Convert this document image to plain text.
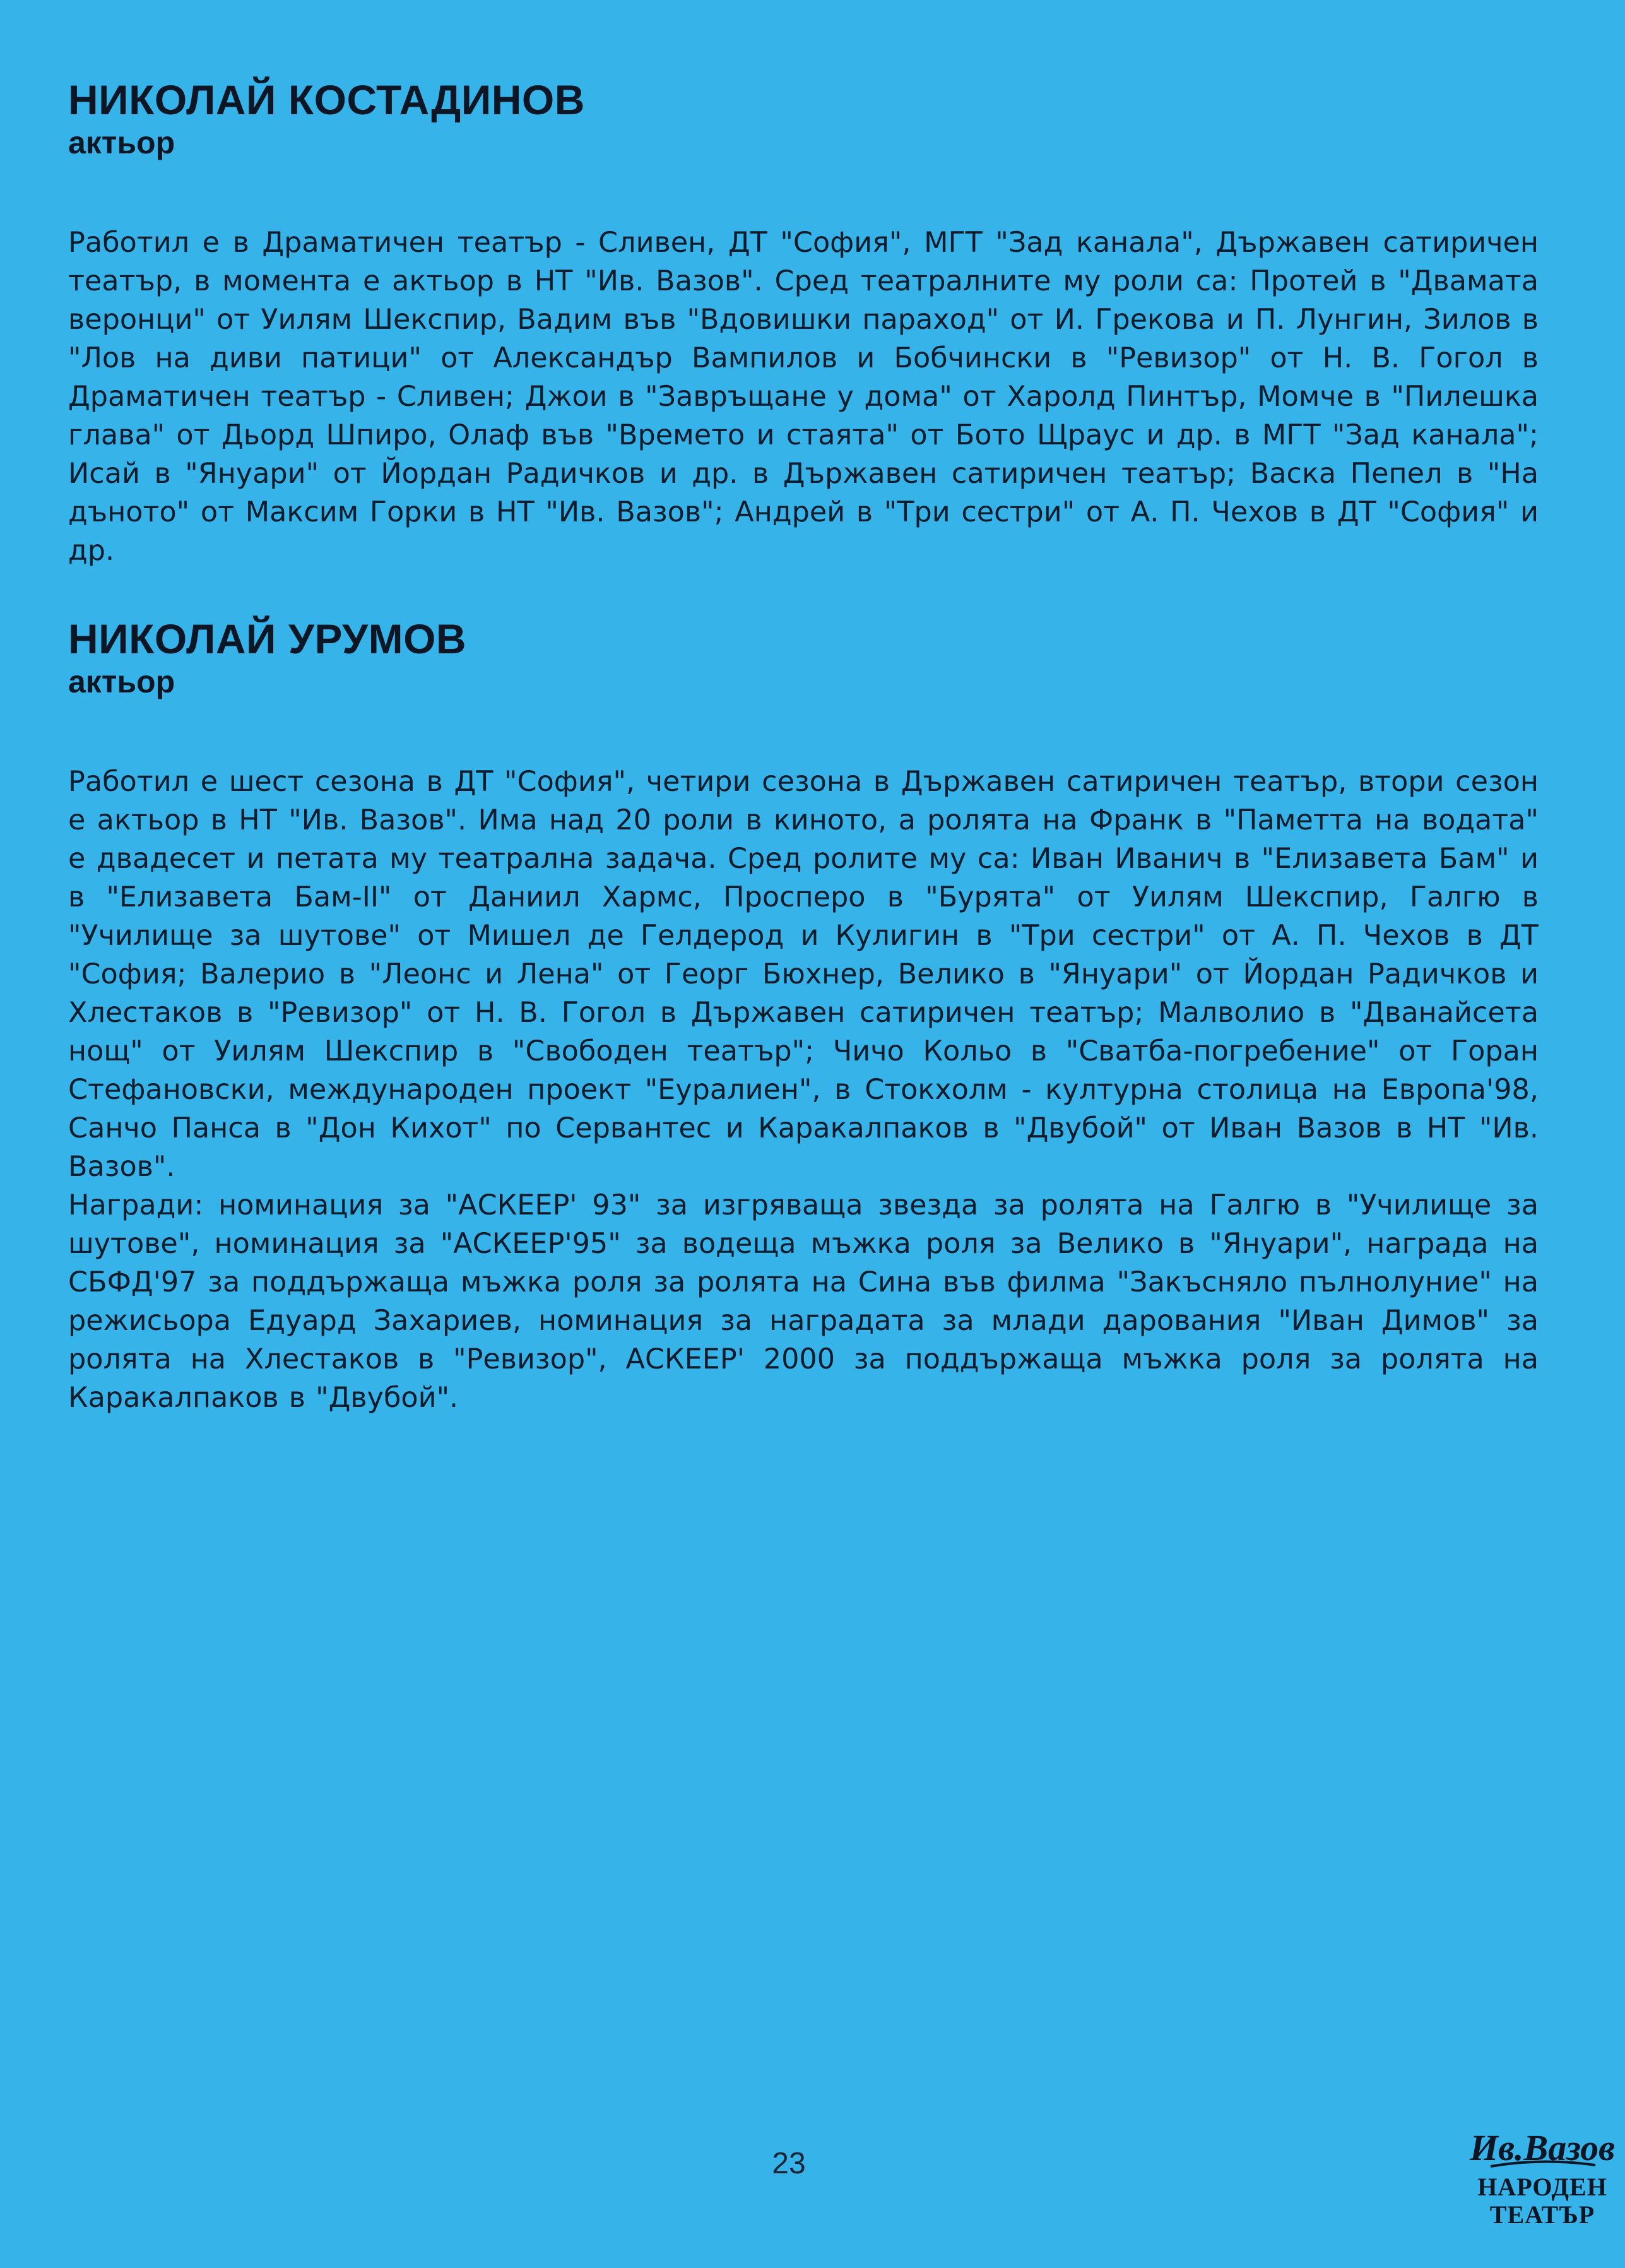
НИКОЛАЙ КОСТАДИНОВ
актьор

Работил е в Драматичен театър - Сливен, ДТ "София", МГТ "Зад канала", Държавен сатиричен театър, в момента е актьор в НТ "Ив. Вазов". Сред театралните му роли са: Протей в "Двамата веронци" от Уилям Шекспир, Вадим във "Вдовишки параход" от И. Грекова и П. Лунгин, Зилов в "Лов на диви патици" от Александър Вампилов и Бобчински в "Ревизор" от Н. В. Гогол в Драматичен театър - Сливен; Джои в "Завръщане у дома" от Харолд Пинтър, Момче в "Пилешка глава" от Дьорд Шпиро, Олаф във "Времето и стаята" от Бото Щраус и др. в МГТ "Зад канала"; Исай в "Януари" от Йордан Радичков и др. в Държавен сатиричен театър; Васка Пепел в "На дъното" от Максим Горки в НТ "Ив. Вазов"; Андрей в "Три сестри" от А. П. Чехов в ДТ "София" и др.

НИКОЛАЙ УРУМОВ
актьор

Работил е шест сезона в ДТ "София", четири сезона в Държавен сатиричен театър, втори сезон е актьор в НТ "Ив. Вазов". Има над 20 роли в киното, а ролята на Франк в "Паметта на водата" е двадесет и петата му театрална задача. Сред ролите му са: Иван Иванич в "Елизавета Бам" и в "Елизавета Бам-II" от Даниил Хармс, Просперо в "Бурята" от Уилям Шекспир, Галгю в "Училище за шутове" от Мишел де Гелдерод и Кулигин в "Три сестри" от А. П. Чехов в ДТ "София; Валерио в "Леонс и Лена" от Георг Бюхнер, Велико в "Януари" от Йордан Радичков и Хлестаков в "Ревизор" от Н. В. Гогол в Държавен сатиричен театър; Малволио в "Дванайсета нощ" от Уилям Шекспир в "Свободен театър"; Чичо Кольо в "Сватба-погребение" от Горан Стефановски, международен проект "Еуралиен", в Стокхолм - културна столица на Европа'98, Санчо Панса в "Дон Кихот" по Сервантес и Каракалпаков в "Двубой" от Иван Вазов в НТ "Ив. Вазов".

Награди: номинация за "АСКЕЕР' 93" за изгряваща звезда за ролята на Галгю в "Училище за шутове", номинация за "АСКЕЕР'95" за водеща мъжка роля за Велико в "Януари", награда на СБФД'97 за поддържаща мъжка роля за ролята на Сина във филма "Закъсняло пълнолуние" на режисьора Едуард Захариев, номинация за наградата за млади дарования "Иван Димов" за ролята на Хлестаков в "Ревизор", АСКЕЕР' 2000 за поддържаща мъжка роля за ролята на Каракалпаков в "Двубой".

23	Ив.Вазов
НАРОДЕН
ТЕАТЪР
